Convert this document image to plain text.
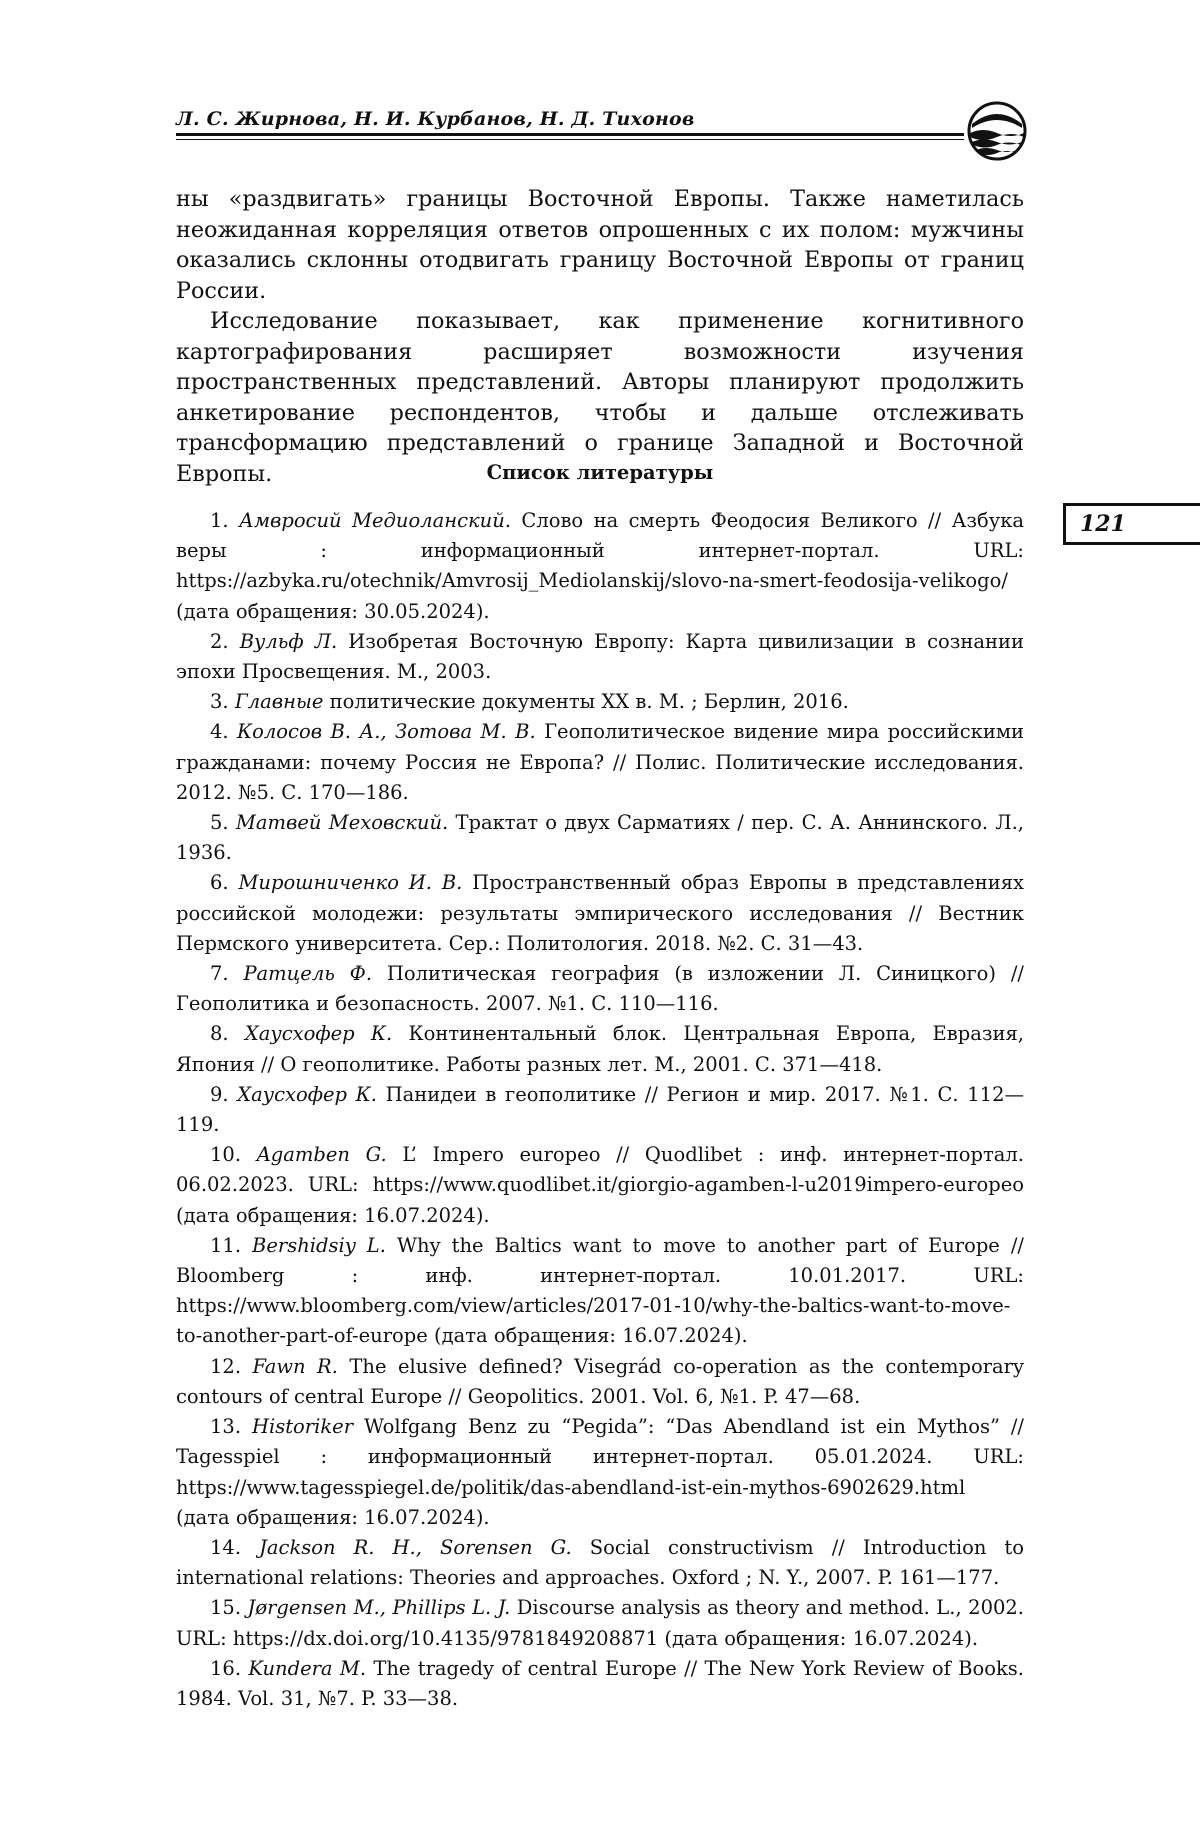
Л. С. Жирнова, Н. И. Курбанов, Н. Д. Тихонов
121

ны «раздвигать» границы Восточной Европы. Также наметилась неожиданная корреляция ответов опрошенных с их полом: мужчины оказались склонны отодвигать границу Восточной Европы от границ России.

Исследование показывает, как применение когнитивного картографирования расширяет возможности изучения пространственных представлений. Авторы планируют продолжить анкетирование респондентов, чтобы и дальше отслеживать трансформацию представлений о границе Западной и Восточной Европы.	Список литературы

1. Амвросий Медиоланский. Слово на смерть Феодосия Великого // Азбука веры : информационный интернет-портал. URL: https://azbyka.ru/otechnik/Amvrosij_Mediolanskij/slovo-na-smert-feodosija-velikogo/ (дата обращения: 30.05.2024).

2. Вульф Л. Изобретая Восточную Европу: Карта цивилизации в сознании эпохи Просвещения. М., 2003.

3. Главные политические документы XX в. М. ; Берлин, 2016.

4. Колосов В. А., Зотова М. В. Геополитическое видение мира российскими гражданами: почему Россия не Европа? // Полис. Политические исследования. 2012. №5. С. 170—186.

5. Матвей Меховский. Трактат о двух Сарматиях / пер. С. А. Аннинского. Л., 1936.

6. Мирошниченко И. В. Пространственный образ Европы в представлениях российской молодежи: результаты эмпирического исследования // Вестник Пермского университета. Сер.: Политология. 2018. №2. С. 31—43.

7. Ратцель Ф. Политическая география (в изложении Л. Синицкого) // Геополитика и безопасность. 2007. №1. С. 110—116.

8. Хаусхофер К. Континентальный блок. Центральная Европа, Евразия, Япония // О геополитике. Работы разных лет. М., 2001. С. 371—418.

9. Хаусхофер К. Панидеи в геополитике // Регион и мир. 2017. №1. С. 112—119.

10. Agamben G. L’ Impero europeo // Quodlibet : инф. интернет-портал. 06.02.2023. URL: https://www.quodlibet.it/giorgio-agamben-l-u2019impero-europeo (дата обращения: 16.07.2024).

11. Bershidsiy L. Why the Baltics want to move to another part of Europe // Bloomberg : инф. интернет-портал. 10.01.2017. URL: https://www.bloomberg.com/view/articles/2017-01-10/why-the-baltics-want-to-move-to-another-part-of-europe (дата обращения: 16.07.2024).

12. Fawn R. The elusive defined? Visegrád co-operation as the contemporary contours of central Europe // Geopolitics. 2001. Vol. 6, №1. P. 47—68.

13. Historiker Wolfgang Benz zu “Pegida”: “Das Abendland ist ein Mythos” // Tagesspiel : информационный интернет-портал. 05.01.2024. URL: https://www.tagesspiegel.de/politik/das-abendland-ist-ein-mythos-6902629.html (дата обращения: 16.07.2024).

14. Jackson R. H., Sorensen G. Social constructivism // Introduction to international relations: Theories and approaches. Oxford ; N. Y., 2007. P. 161—177.

15. Jørgensen M., Phillips L. J. Discourse analysis as theory and method. L., 2002. URL: https://dx.doi.org/10.4135/9781849208871 (дата обращения: 16.07.2024).

16. Kundera M. The tragedy of central Europe // The New York Review of Books. 1984. Vol. 31, №7. P. 33—38.
